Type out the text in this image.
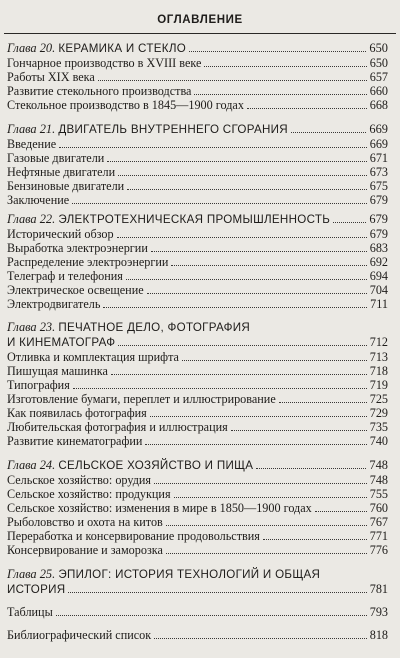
ОГЛАВЛЕНИЕ
Глава 20. КЕРАМИКА И СТЕКЛО	650
Гончарное производство в XVIII веке	650
Работы XIX века	657
Развитие стекольного производства	660
Стекольное производство в 1845—1900 годах	668
Глава 21. ДВИГАТЕЛЬ ВНУТРЕННЕГО СГОРАНИЯ	669
Введение	669
Газовые двигатели	671
Нефтяные двигатели	673
Бензиновые двигатели	675
Заключение	679
Глава 22. ЭЛЕКТРОТЕХНИЧЕСКАЯ ПРОМЫШЛЕННОСТЬ	679
Исторический обзор	679
Выработка электроэнергии	683
Распределение электроэнергии	692
Телеграф и телефония	694
Электрическое освещение	704
Электродвигатель	711
Глава 23. ПЕЧАТНОЕ ДЕЛО, ФОТОГРАФИЯ
И КИНЕМАТОГРАФ	712
Отливка и комплектация шрифта	713
Пишущая машинка	718
Типография	719
Изготовление бумаги, переплет и иллюстрирование	725
Как появилась фотография	729
Любительская фотография и иллюстрация	735
Развитие кинематографии	740
Глава 24. СЕЛЬСКОЕ ХОЗЯЙСТВО И ПИЩА	748
Сельское хозяйство: орудия	748
Сельское хозяйство: продукция	755
Сельское хозяйство: изменения в мире в 1850—1900 годах	760
Рыболовство и охота на китов	767
Переработка и консервирование продовольствия	771
Консервирование и заморозка	776
Глава 25. ЭПИЛОГ: ИСТОРИЯ ТЕХНОЛОГИЙ И ОБЩАЯ
ИСТОРИЯ	781
Таблицы	793
Библиографический список	818
